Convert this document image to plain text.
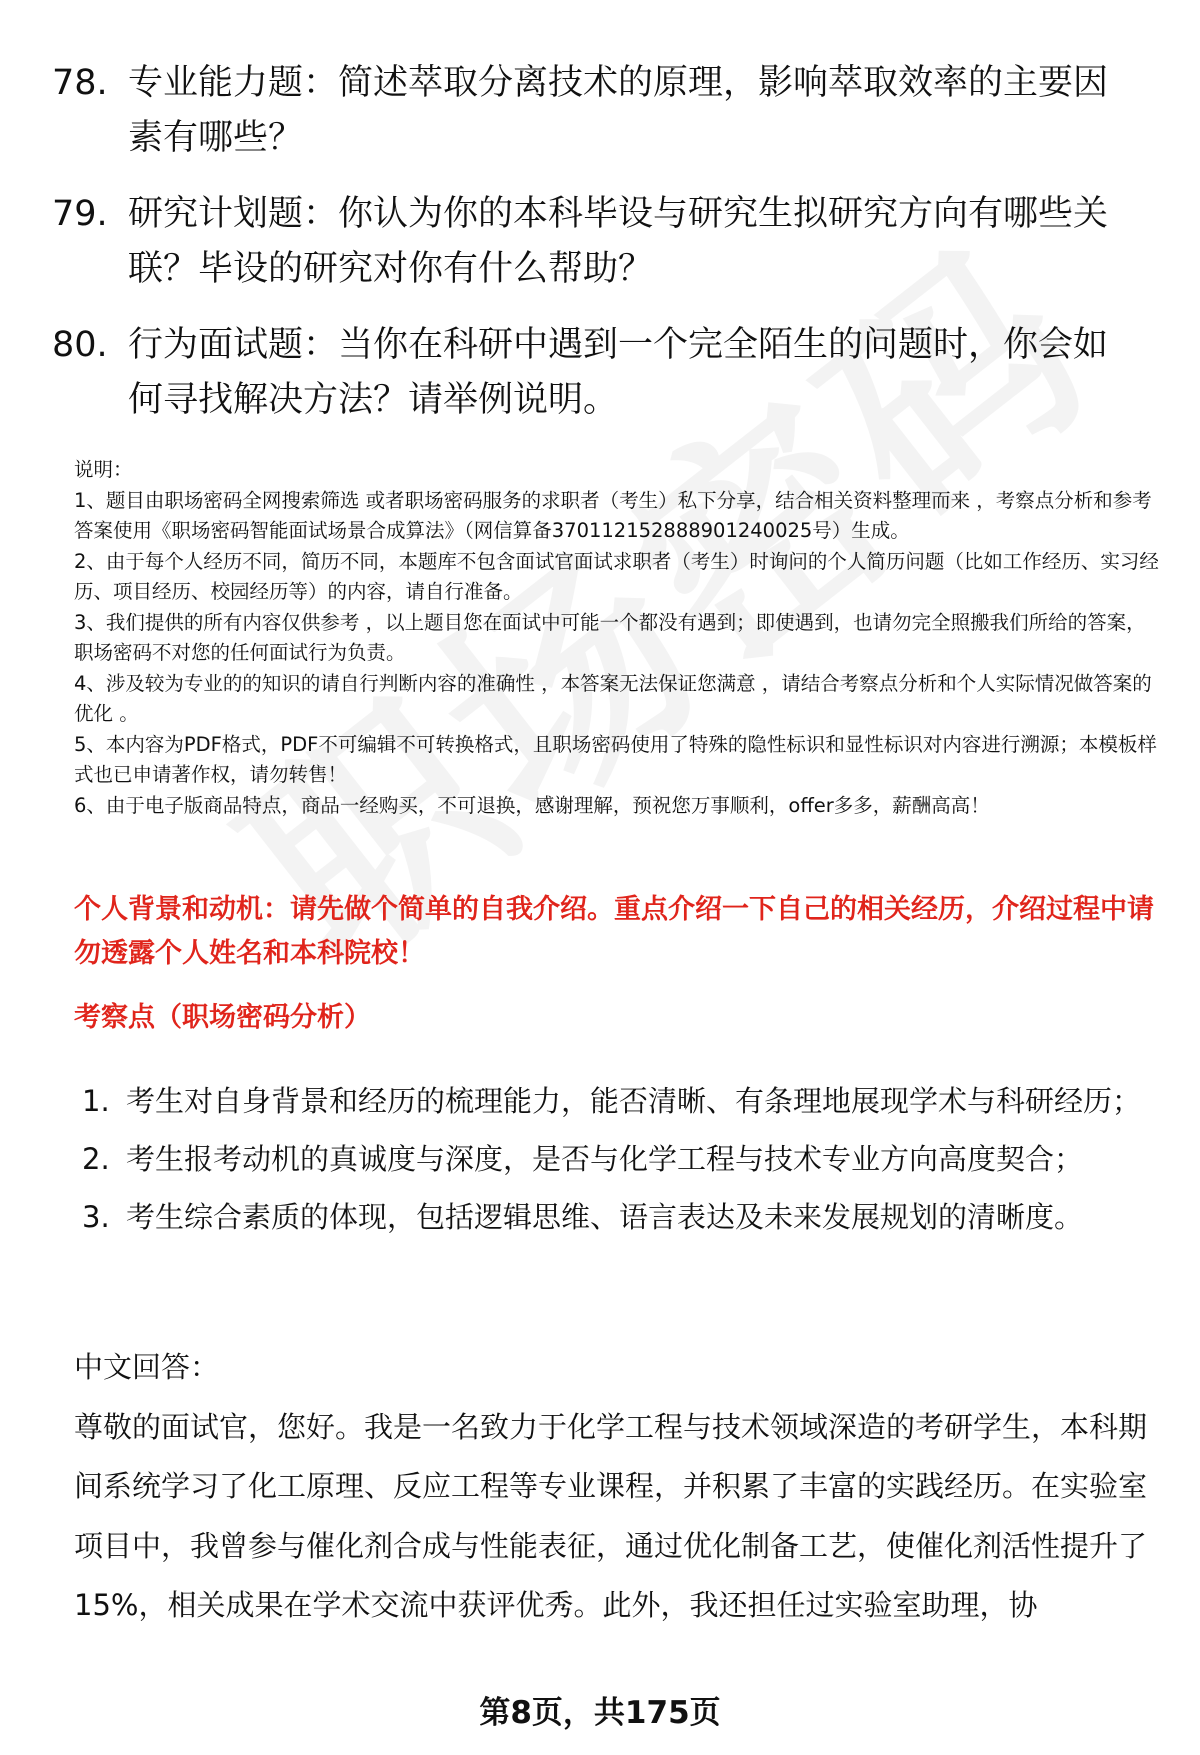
78. 专业能力题：简述萃取分离技术的原理，影响萃取效率的主要因素有哪些？
79. 研究计划题：你认为你的本科毕设与研究生拟研究方向有哪些关联？毕设的研究对你有什么帮助？
80. 行为面试题：当你在科研中遇到一个完全陌生的问题时，你会如何寻找解决方法？请举例说明。

说明：

1、题目由职场密码全网搜索筛选 或者职场密码服务的求职者（考生）私下分享，结合相关资料整理而来 ，考察点分析和参考答案使用《职场密码智能面试场景合成算法》（网信算备370112152888901240025号）生成。

2、由于每个人经历不同，简历不同，本题库不包含面试官面试求职者（考生）时询问的个人简历问题（比如工作经历、实习经历、项目经历、校园经历等）的内容，请自行准备。

3、我们提供的所有内容仅供参考 ，以上题目您在面试中可能一个都没有遇到；即使遇到，也请勿完全照搬我们所给的答案，职场密码不对您的任何面试行为负责。

4、涉及较为专业的的知识的请自行判断内容的准确性 ，本答案无法保证您满意 ，请结合考察点分析和个人实际情况做答案的优化 。

5、本内容为PDF格式，PDF不可编辑不可转换格式，且职场密码使用了特殊的隐性标识和显性标识对内容进行溯源；本模板样式也已申请著作权，请勿转售！

6、由于电子版商品特点，商品一经购买，不可退换，感谢理解，预祝您万事顺利，offer多多，薪酬高高！

个人背景和动机：请先做个简单的自我介绍。重点介绍一下自己的相关经历，介绍过程中请勿透露个人姓名和本科院校！
考察点（职场密码分析）
1. 考生对自身背景和经历的梳理能力，能否清晰、有条理地展现学术与科研经历；
2. 考生报考动机的真诚度与深度，是否与化学工程与技术专业方向高度契合；
3. 考生综合素质的体现，包括逻辑思维、语言表达及未来发展规划的清晰度。

中文回答：

尊敬的面试官，您好。我是一名致力于化学工程与技术领域深造的考研学生，本科期间系统学习了化工原理、反应工程等专业课程，并积累了丰富的实践经历。在实验室项目中，我曾参与催化剂合成与性能表征，通过优化制备工艺，使催化剂活性提升了15%，相关成果在学术交流中获评优秀。此外，我还担任过实验室助理，协

第8页，共175页
